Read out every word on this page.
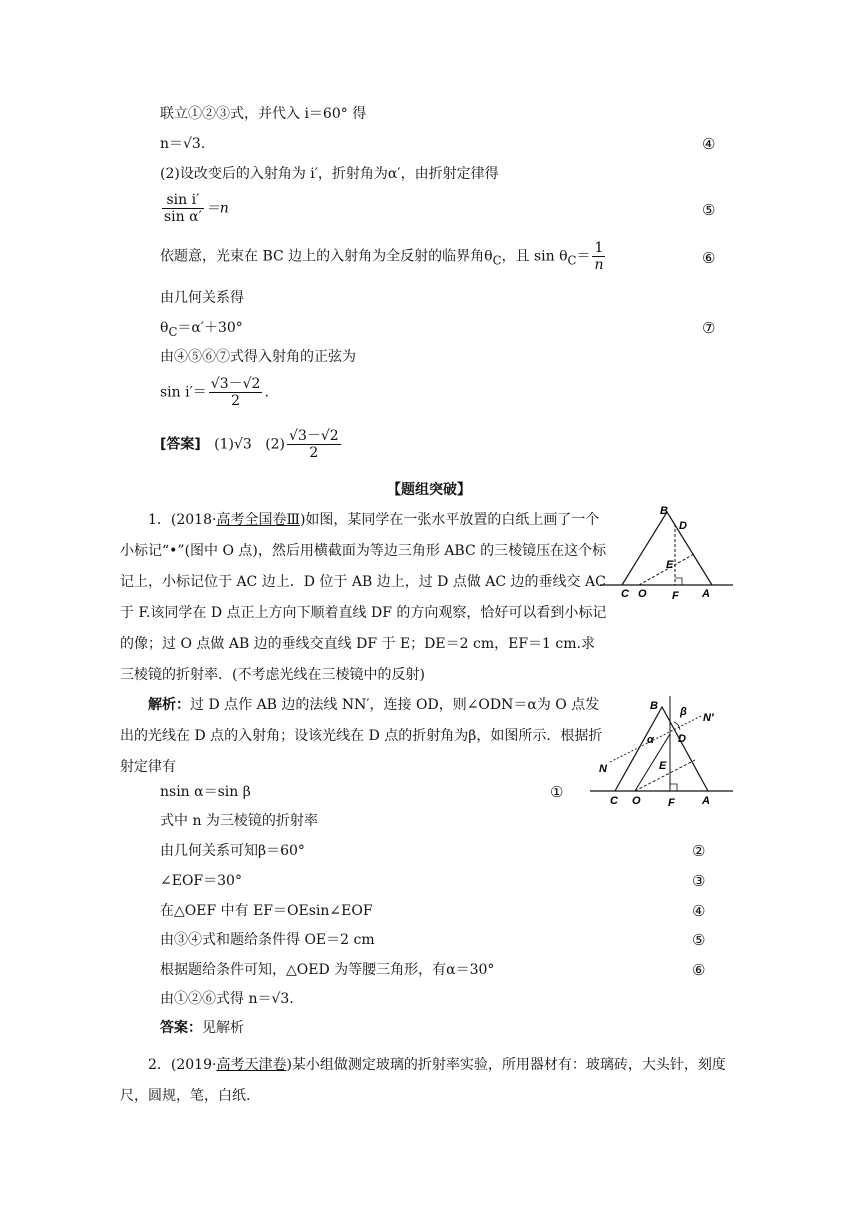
联立①②③式，并代入 i＝60° 得
n＝√3.	④
(2)设改变后的入射角为 i′，折射角为α′，由折射定律得
$\frac{\text{sin i′}}{\text{sin α′}} =n$	⑤
依题意，光束在 BC 边上的入射角为全反射的临界角$\theta_C$，且 $\sin \theta_C= \frac{1}{n}$	⑥
由几何关系得
$\theta_C=\alpha'+30^\circ$	⑦
由④⑤⑥⑦式得入射角的正弦为
$\sin i'= \frac{√3-√2}{2}$ .
[答案] (1)√3 $(2) \frac{√3-√2}{2}$
【题组突破】
1．(2018·高考全国卷Ⅲ)如图，某同学在一张水平放置的白纸上画了一个小标记“•”(图中 O 点)，然后用横截面为等边三角形 ABC 的三棱镜压在这个标记上，小标记位于 AC 边上．D 位于 AB 边上，过 D 点做 AC 边的垂线交 AC 于 F.该同学在 D 点正上方向下顺着直线 DF 的方向观察，恰好可以看到小标记的像；过 O 点做 AB 边的垂线交直线 DF 于 E；DE＝2 cm，EF＝1 cm.求三棱镜的折射率．(不考虑光线在三棱镜中的反射)
B
D
E
C O F A
解析：过 D 点作 AB 边的法线 NN′，连接 OD，则∠ODN＝α为 O 点发出的光线在 D 点的入射角；设该光线在 D 点的折射角为β，如图所示．根据折射定律有
B β N′
α D
N	E
C O F A
nsin α＝sin β	①
式中 n 为三棱镜的折射率
由几何关系可知β＝60°	②
∠EOF＝30°	③
在△OEF 中有 EF＝OEsin∠EOF	④
由③④式和题给条件得 OE＝2 cm	⑤
根据题给条件可知，△OED 为等腰三角形，有α＝30°	⑥
由①②⑥式得 n＝√3.
答案：见解析
2．(2019·高考天津卷)某小组做测定玻璃的折射率实验，所用器材有：玻璃砖，大头针，刻度尺，圆规，笔，白纸.
